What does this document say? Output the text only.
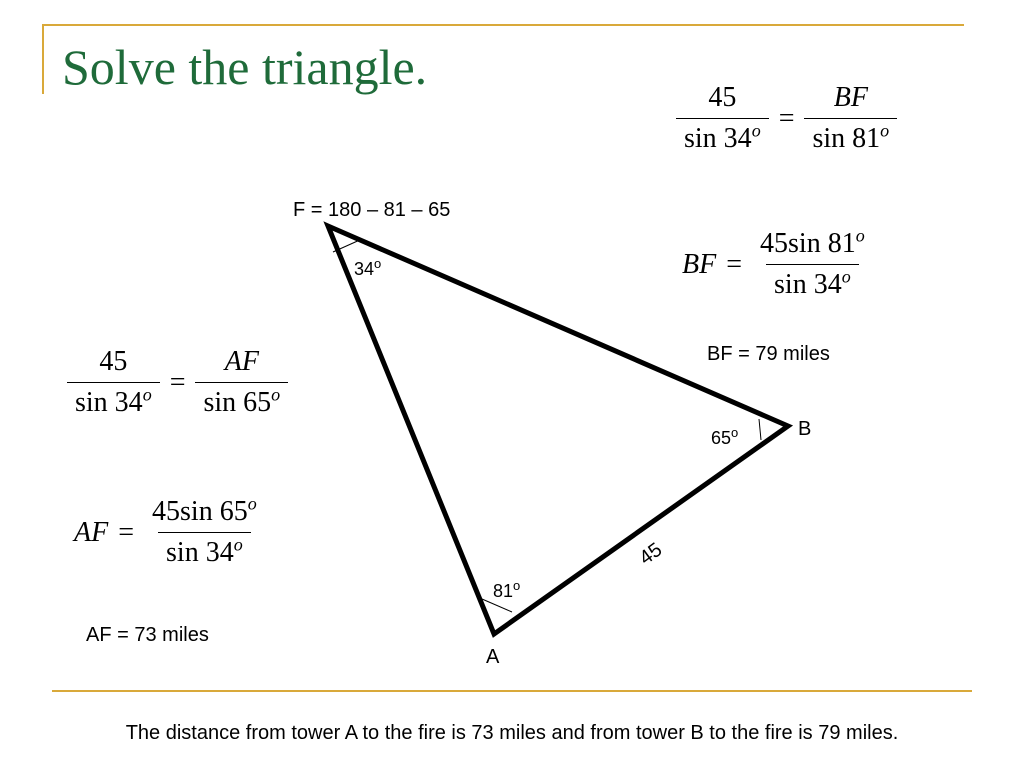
Solve the triangle.
$\frac{45}{\sin 34^o} = \frac{BF}{\sin 81^o}$
BF = $\frac{45\sin 81^o}{\sin 34^o}$
BF = 79 miles
$\frac{45}{\sin 34^o} = \frac{AF}{\sin 65^o}$
AF = $\frac{45\sin 65^o}{\sin 34^o}$
AF = 73 miles
F = 180 – 81 – 65
34$^o$
65$^o$
81$^o$
B
A
45

The distance from tower A to the fire is 73 miles and from tower B to the fire is 79 miles.
